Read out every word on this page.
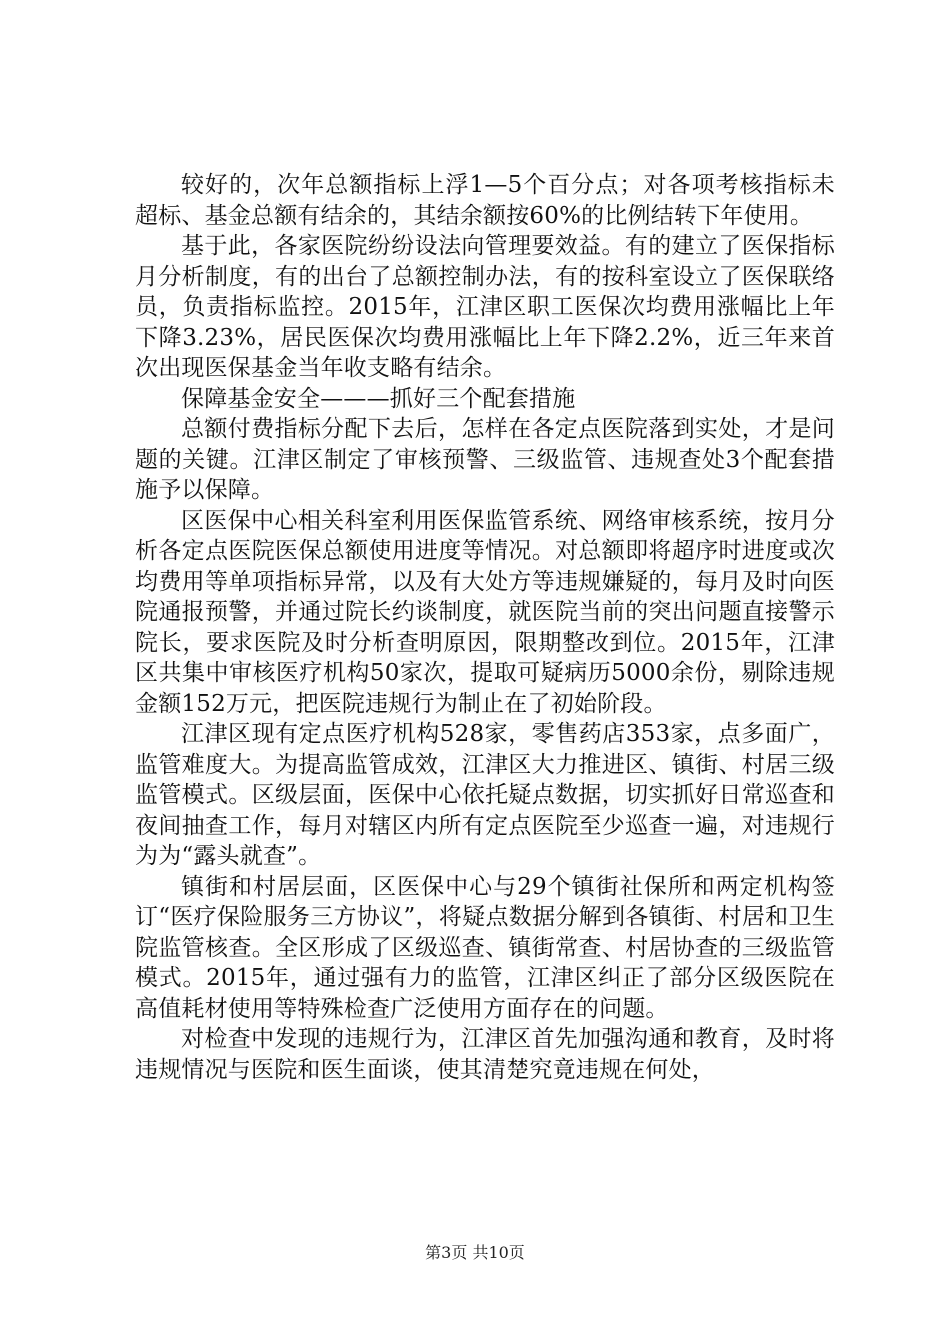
较好的，次年总额指标上浮1—5个百分点；对各项考核指标未超标、基金总额有结余的，其结余额按60%的比例结转下年使用。

基于此，各家医院纷纷设法向管理要效益。有的建立了医保指标月分析制度，有的出台了总额控制办法，有的按科室设立了医保联络员，负责指标监控。2015年，江津区职工医保次均费用涨幅比上年下降3.23%，居民医保次均费用涨幅比上年下降2.2%，近三年来首次出现医保基金当年收支略有结余。

保障基金安全———抓好三个配套措施

总额付费指标分配下去后，怎样在各定点医院落到实处，才是问题的关键。江津区制定了审核预警、三级监管、违规查处3个配套措施予以保障。

区医保中心相关科室利用医保监管系统、网络审核系统，按月分析各定点医院医保总额使用进度等情况。对总额即将超序时进度或次均费用等单项指标异常，以及有大处方等违规嫌疑的，每月及时向医院通报预警，并通过院长约谈制度，就医院当前的突出问题直接警示院长，要求医院及时分析查明原因，限期整改到位。2015年，江津区共集中审核医疗机构50家次，提取可疑病历5000余份，剔除违规金额152万元，把医院违规行为制止在了初始阶段。

江津区现有定点医疗机构528家，零售药店353家，点多面广，监管难度大。为提高监管成效，江津区大力推进区、镇街、村居三级监管模式。区级层面，医保中心依托疑点数据，切实抓好日常巡查和夜间抽查工作，每月对辖区内所有定点医院至少巡查一遍，对违规行为为“露头就查”。

镇街和村居层面，区医保中心与29个镇街社保所和两定机构签订“医疗保险服务三方协议”，将疑点数据分解到各镇街、村居和卫生院监管核查。全区形成了区级巡查、镇街常查、村居协查的三级监管模式。2015年，通过强有力的监管，江津区纠正了部分区级医院在高值耗材使用等特殊检查广泛使用方面存在的问题。

对检查中发现的违规行为，江津区首先加强沟通和教育，及时将违规情况与医院和医生面谈，使其清楚究竟违规在何处，

第3页 共10页
